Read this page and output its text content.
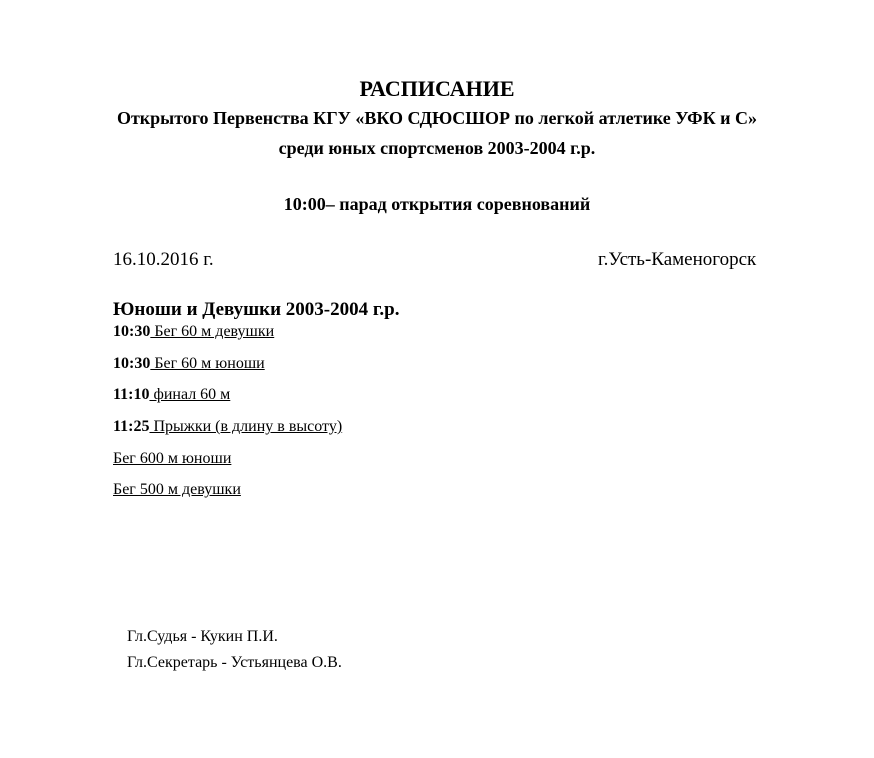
РАСПИСАНИЕ
Открытого Первенства КГУ «ВКО СДЮСШОР по легкой атлетике УФК и С»
среди юных спортсменов 2003-2004 г.р.
10:00– парад открытия соревнований
16.10.2016 г.	г.Усть-Каменогорск
Юноши и Девушки 2003-2004 г.р.
10:30 Бег 60 м девушки
10:30 Бег 60 м юноши
11:10 финал 60 м
11:25 Прыжки (в длину в высоту)
Бег 600 м юноши
Бег 500 м девушки
Гл.Судья - Кукин П.И.
Гл.Секретарь - Устьянцева О.В.
